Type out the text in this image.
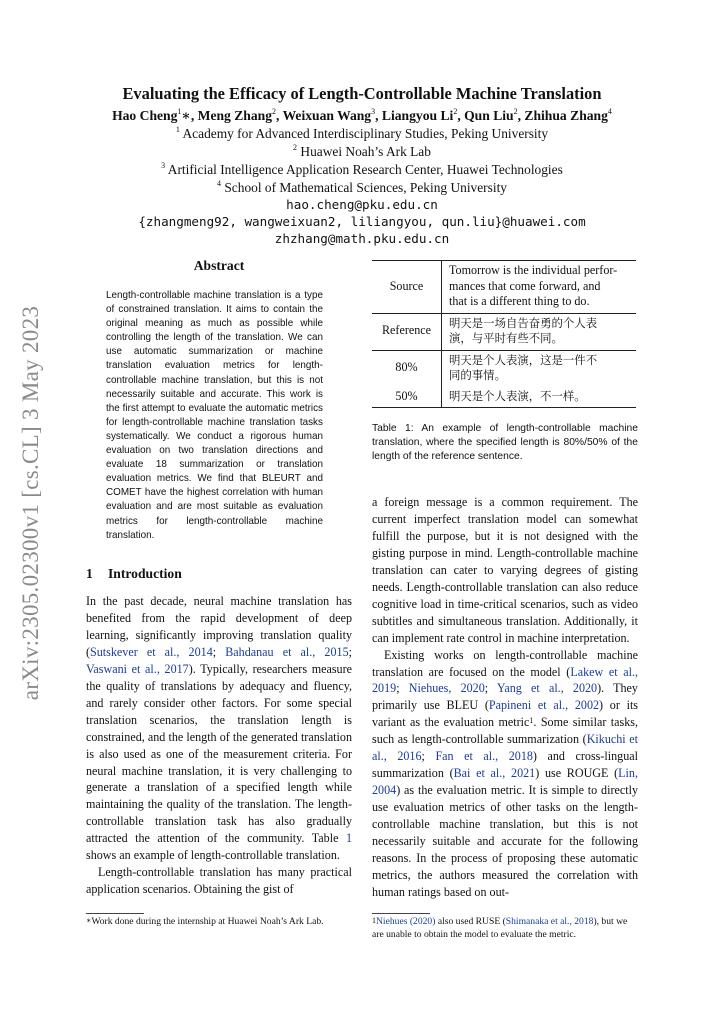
arXiv:2305.02300v1 [cs.CL] 3 May 2023
Evaluating the Efficacy of Length-Controllable Machine Translation
Hao Cheng$^1$∗, Meng Zhang$^2$, Weixuan Wang$^3$, Liangyou Li$^2$, Qun Liu$^2$, Zhihua Zhang$^4$
$^1$ Academy for Advanced Interdisciplinary Studies, Peking University
$^2$ Huawei Noah’s Ark Lab
$^3$ Artificial Intelligence Application Research Center, Huawei Technologies
$^4$ School of Mathematical Sciences, Peking University
hao.cheng@pku.edu.cn
{zhangmeng92, wangweixuan2, liliangyou, qun.liu}@huawei.com
zhzhang@math.pku.edu.cn
Abstract
Length-controllable machine translation is a type of constrained translation. It aims to contain the original meaning as much as possible while controlling the length of the translation. We can use automatic summarization or machine translation evaluation metrics for length-controllable machine translation, but this is not necessarily suitable and accurate. This work is the first attempt to evaluate the automatic metrics for length-controllable machine translation tasks systematically. We conduct a rigorous human evaluation on two translation directions and evaluate 18 summarization or translation evaluation metrics. We find that BLEURT and COMET have the highest correlation with human evaluation and are most suitable as evaluation metrics for length-controllable machine translation.
1 Introduction

In the past decade, neural machine translation has benefited from the rapid development of deep learning, significantly improving translation quality (Sutskever et al., 2014; Bahdanau et al., 2015; Vaswani et al., 2017). Typically, researchers measure the quality of translations by adequacy and fluency, and rarely consider other factors. For some special translation scenarios, the translation length is constrained, and the length of the generated translation is also used as one of the measurement criteria. For neural machine translation, it is very challenging to generate a translation of a specified length while maintaining the quality of the translation. The length-controllable translation task has also gradually attracted the attention of the community. Table 1 shows an example of length-controllable translation.

Length-controllable translation has many practical application scenarios. Obtaining the gist of

a foreign message is a common requirement. The current imperfect translation model can somewhat fulfill the purpose, but it is not designed with the gisting purpose in mind. Length-controllable machine translation can cater to varying degrees of gisting needs. Length-controllable translation can also reduce cognitive load in time-critical scenarios, such as video subtitles and simultaneous translation. Additionally, it can implement rate control in machine interpretation.

Existing works on length-controllable machine translation are focused on the model (Lakew et al., 2019; Niehues, 2020; Yang et al., 2020). They primarily use BLEU (Papineni et al., 2002) or its variant as the evaluation metric$^1$. Some similar tasks, such as length-controllable summarization (Kikuchi et al., 2016; Fan et al., 2018) and cross-lingual summarization (Bai et al., 2021) use ROUGE (Lin, 2004) as the evaluation metric. It is simple to directly use evaluation metrics of other tasks on the length-controllable machine translation, but this is not necessarily suitable and accurate for the following reasons. In the process of proposing these automatic metrics, the authors measured the correlation with human ratings based on out-

Source	Tomorrow is the individual perfor-
mances that come forward, and
that is a different thing to do.
Reference	明天是一场自告奋勇的个人表
演，与平时有些不同。
80%	明天是个人表演，这是一件不
同的事情。
50%	明天是个人表演，不一样。
Table 1: An example of length-controllable machine translation, where the specified length is 80%/50% of the length of the reference sentence.
∗Work done during the internship at Huawei Noah’s Ark Lab.	$^1$Niehues (2020) also used RUSE (Shimanaka et al., 2018), but we are unable to obtain the model to evaluate the metric.
